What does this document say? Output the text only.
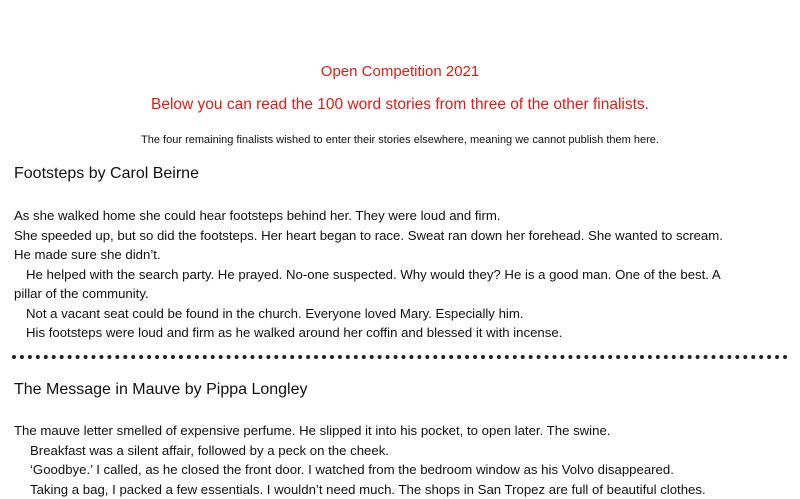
Open Competition 2021
Below you can read the 100 word stories from three of the other finalists.
The four remaining finalists wished to enter their stories elsewhere, meaning we cannot publish them here.
Footsteps by Carol Beirne
As she walked home she could hear footsteps behind her. They were loud and firm.
She speeded up, but so did the footsteps. Her heart began to race. Sweat ran down her forehead. She wanted to scream.
He made sure she didn’t.
He helped with the search party. He prayed. No-one suspected. Why would they? He is a good man. One of the best. A
pillar of the community.
Not a vacant seat could be found in the church. Everyone loved Mary. Especially him.
His footsteps were loud and firm as he walked around her coffin and blessed it with incense.
The Message in Mauve by Pippa Longley
The mauve letter smelled of expensive perfume. He slipped it into his pocket, to open later. The swine.
Breakfast was a silent affair, followed by a peck on the cheek.
‘Goodbye.’ I called, as he closed the front door. I watched from the bedroom window as his Volvo disappeared.
Taking a bag, I packed a few essentials. I wouldn’t need much. The shops in San Tropez are full of beautiful clothes.
